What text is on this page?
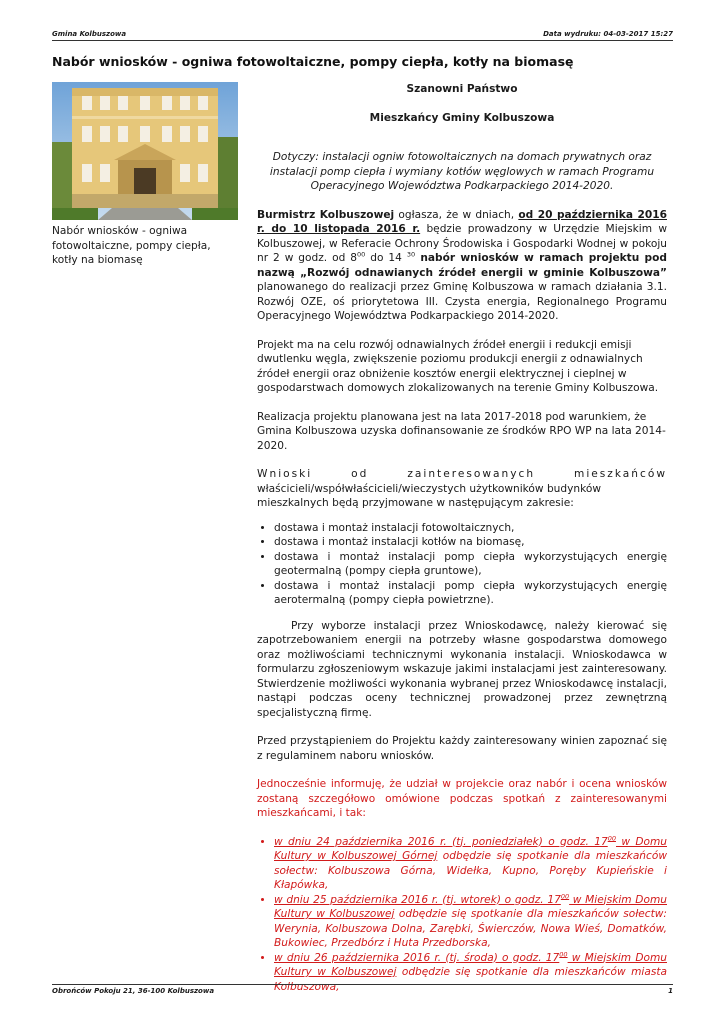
Gmina Kolbuszowa	Data wydruku: 04-03-2017 15:27
Nabór wniosków - ogniwa fotowoltaiczne, pompy ciepła, kotły na biomasę
Nabór wniosków - ogniwa fotowoltaiczne, pompy ciepła, kotły na biomasę

Szanowni Państwo

Mieszkańcy Gminy Kolbuszowa

Dotyczy: instalacji ogniw fotowoltaicznych na domach prywatnych oraz instalacji pomp ciepła i wymiany kotłów węglowych w ramach Programu Operacyjnego Województwa Podkarpackiego 2014-2020.

Burmistrz Kolbuszowej ogłasza, że w dniach, od 20 października 2016 r. do 10 listopada 2016 r. będzie prowadzony w Urzędzie Miejskim w Kolbuszowej, w Referacie Ochrony Środowiska i Gospodarki Wodnej w pokoju nr 2 w godz. od $8^{00}$ do 14 $^{30}$ nabór wniosków w ramach projektu pod nazwą „Rozwój odnawianych źródeł energii w gminie Kolbuszowa” planowanego do realizacji przez Gminę Kolbuszowa w ramach działania 3.1. Rozwój OZE, oś priorytetowa III. Czysta energia, Regionalnego Programu Operacyjnego Województwa Podkarpackiego 2014-2020.

Projekt ma na celu rozwój odnawialnych źródeł energii i redukcji emisji dwutlenku węgla, zwiększenie poziomu produkcji energii z odnawialnych źródeł energii oraz obniżenie kosztów energii elektrycznej i cieplnej w gospodarstwach domowych zlokalizowanych na terenie Gminy Kolbuszowa.

Realizacja projektu planowana jest na lata 2017-2018 pod warunkiem, że Gmina Kolbuszowa uzyska dofinansowanie ze środków RPO WP na lata 2014-2020.

Wnioski od zainteresowanych mieszkańców

właścicieli/współwłaścicieli/wieczystych użytkowników budynków mieszkalnych będą przyjmowane w następującym zakresie:

• dostawa i montaż instalacji fotowoltaicznych,
• dostawa i montaż instalacji kotłów na biomasę,
• dostawa i montaż instalacji pomp ciepła wykorzystujących energię geotermalną (pompy ciepła gruntowe),
• dostawa i montaż instalacji pomp ciepła wykorzystujących energię aerotermalną (pompy ciepła powietrzne).

Przy wyborze instalacji przez Wnioskodawcę, należy kierować się zapotrzebowaniem energii na potrzeby własne gospodarstwa domowego oraz możliwościami technicznymi wykonania instalacji. Wnioskodawca w formularzu zgłoszeniowym wskazuje jakimi instalacjami jest zainteresowany. Stwierdzenie możliwości wykonania wybranej przez Wnioskodawcę instalacji, nastąpi podczas oceny technicznej prowadzonej przez zewnętrzną specjalistyczną firmę.

Przed przystąpieniem do Projektu każdy zainteresowany winien zapoznać się z regulaminem naboru wniosków.

Jednocześnie informuję, że udział w projekcie oraz nabór i ocena wniosków zostaną szczegółowo omówione podczas spotkań z zainteresowanymi mieszkańcami, i tak:

• w dniu 24 października 2016 r. (tj. poniedziałek) o godz. $17^{00}$ w Domu Kultury w Kolbuszowej Górnej odbędzie się spotkanie dla mieszkańców sołectw: Kolbuszowa Górna, Widełka, Kupno, Poręby Kupieńskie i Kłapówka,
• w dniu 25 października 2016 r. (tj. wtorek) o godz. $17^{00}$ w Miejskim Domu Kultury w Kolbuszowej odbędzie się spotkanie dla mieszkańców sołectw: Werynia, Kolbuszowa Dolna, Zarębki, Świerczów, Nowa Wieś, Domatków, Bukowiec, Przedbórz i Huta Przedborska,
• w dniu 26 października 2016 r. (tj. środa) o godz. $17^{00}$ w Miejskim Domu Kultury w Kolbuszowej odbędzie się spotkanie dla mieszkańców miasta Kolbuszowa,
Obrońców Pokoju 21, 36-100 Kolbuszowa	1
